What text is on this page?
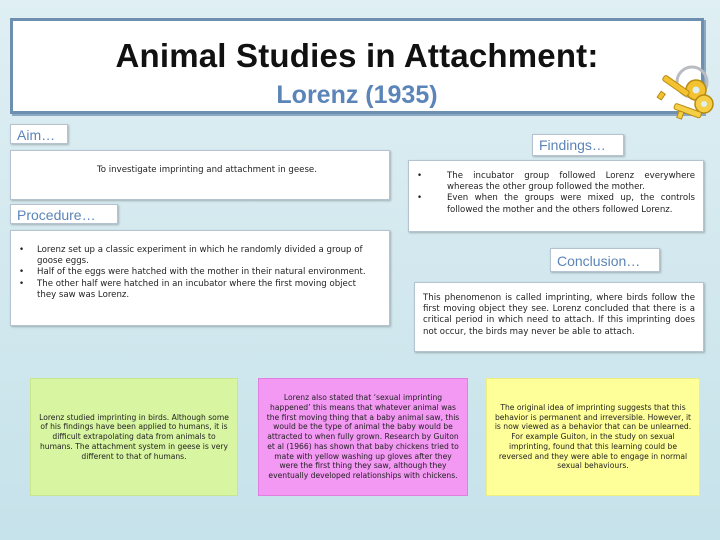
Animal Studies in Attachment:
Lorenz (1935)
Aim…
To investigate imprinting and attachment in geese.
Procedure…
• Lorenz set up a classic experiment in which he randomly divided a group of goose eggs.
• Half of the eggs were hatched with the mother in their natural environment.
• The other half were hatched in an incubator where the first moving object they saw was Lorenz.
Findings…
• The incubator group followed Lorenz everywhere whereas the other group followed the mother.
• Even when the groups were mixed up, the controls followed the mother and the others followed Lorenz.
Conclusion…
This phenomenon is called imprinting, where birds follow the first moving object they see. Lorenz concluded that there is a critical period in which need to attach. If this imprinting does not occur, the birds may never be able to attach.
Lorenz studied imprinting in birds. Although some of his findings have been applied to humans, it is difficult extrapolating data from animals to humans. The attachment system in geese is very different to that of humans.
Lorenz also stated that ‘sexual imprinting happened’ this means that whatever animal was the first moving thing that a baby animal saw, this would be the type of animal the baby would be attracted to when fully grown. Research by Guiton et al (1966) has shown that baby chickens tried to mate with yellow washing up gloves after they were the first thing they saw, although they eventually developed relationships with chickens.
The original idea of imprinting suggests that this behavior is permanent and irreversible. However, it is now viewed as a behavior that can be unlearned. For example Guiton, in the study on sexual imprinting, found that this learning could be reversed and they were able to engage in normal sexual behaviours.
